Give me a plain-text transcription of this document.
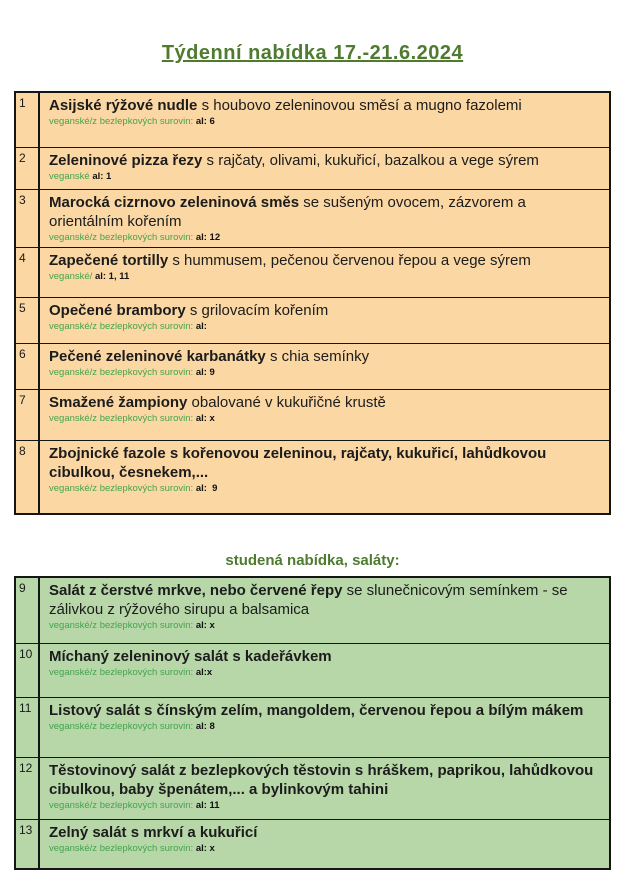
Týdenní nabídka 17.-21.6.2024
1	Asijské rýžové nudle s houbovo zeleninovou směsí a mugno fazolemi
veganské/z bezlepkových surovin: al: 6
2	Zeleninové pizza řezy s rajčaty, olivami, kukuřicí, bazalkou a vege sýrem
veganské al: 1
3	Marocká cizrnovo zeleninová směs se sušeným ovocem, zázvorem a orientálním kořením
veganské/z bezlepkových surovin: al: 12
4	Zapečené tortilly s hummusem, pečenou červenou řepou a vege sýrem
veganské/ al: 1, 11
5	Opečené brambory s grilovacím kořením
veganské/z bezlepkových surovin: al:
6	Pečené zeleninové karbanátky s chia semínky
veganské/z bezlepkových surovin: al: 9
7	Smažené žampiony obalované v kukuřičné krustě
veganské/z bezlepkových surovin: al: x
8	Zbojnické fazole s kořenovou zeleninou, rajčaty, kukuřicí, lahůdkovou cibulkou, česnekem,...
veganské/z bezlepkových surovin: al:  9
studená nabídka, saláty:
9	Salát z čerstvé mrkve, nebo červené řepy se slunečnicovým semínkem - se zálivkou z rýžového sirupu a balsamica
veganské/z bezlepkových surovin: al: x
10	Míchaný zeleninový salát s kadeřávkem
veganské/z bezlepkových surovin: al:x
11	Listový salát s čínským zelím, mangoldem, červenou řepou a bílým mákem
veganské/z bezlepkových surovin: al: 8
12	Těstovinový salát z bezlepkových těstovin s hráškem, paprikou, lahůdkovou cibulkou, baby špenátem,... a bylinkovým tahini
veganské/z bezlepkových surovin: al: 11
13	Zelný salát s mrkví a kukuřicí
veganské/z bezlepkových surovin: al: x
